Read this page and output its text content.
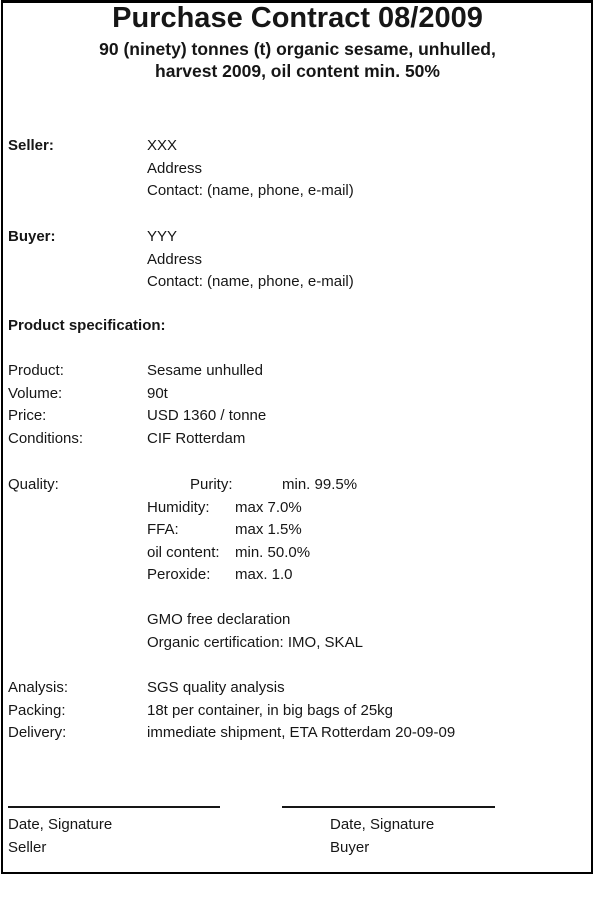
Purchase Contract 08/2009
90 (ninety) tonnes (t) organic sesame, unhulled,
harvest 2009, oil content min. 50%
Seller:	XXX
Address
Contact: (name, phone, e-mail)
Buyer:	YYY
Address
Contact: (name, phone, e-mail)
Product specification:
Product:	Sesame unhulled
Volume:	90t
Price:	USD 1360 / tonne
Conditions:	CIF Rotterdam
Quality:	Purity:	min. 99.5%
Humidity: max 7.0%
FFA:	max 1.5%
oil content: min. 50.0%
Peroxide: max. 1.0
GMO free declaration
Organic certification: IMO, SKAL
Analysis:	SGS quality analysis
Packing:	18t per container, in big bags of 25kg
Delivery:	immediate shipment, ETA Rotterdam 20-09-09
Date, Signature	Date, Signature
Seller	Buyer
